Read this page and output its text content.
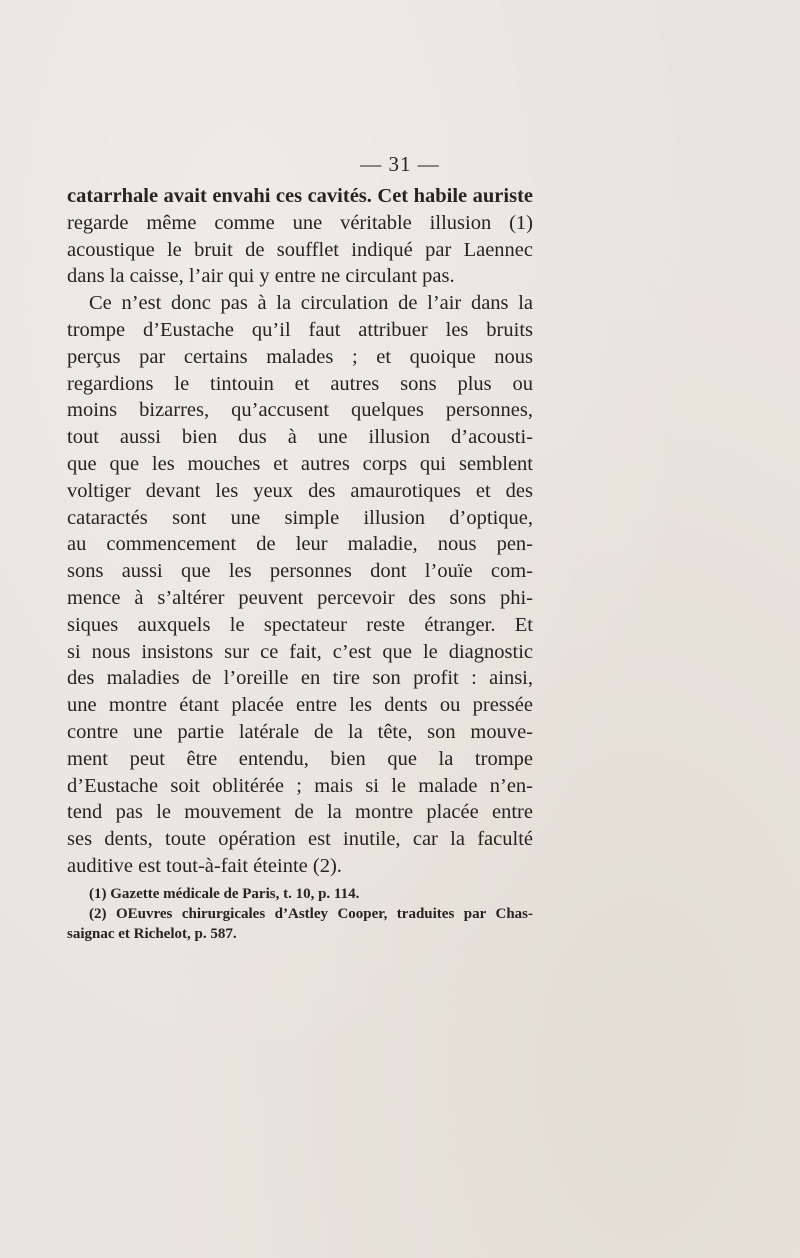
— 31 —
catarrhale avait envahi ces cavités. Cet habile auriste
regarde même comme une véritable illusion (1)
acoustique le bruit de soufflet indiqué par Laennec
dans la caisse, l’air qui y entre ne circulant pas.
Ce n’est donc pas à la circulation de l’air dans la
trompe d’Eustache qu’il faut attribuer les bruits
perçus par certains malades ; et quoique nous
regardions le tintouin et autres sons plus ou
moins bizarres, qu’accusent quelques personnes,
tout aussi bien dus à une illusion d’acousti-
que que les mouches et autres corps qui semblent
voltiger devant les yeux des amaurotiques et des
cataractés sont une simple illusion d’optique,
au commencement de leur maladie, nous pen-
sons aussi que les personnes dont l’ouïe com-
mence à s’altérer peuvent percevoir des sons phi-
siques auxquels le spectateur reste étranger. Et
si nous insistons sur ce fait, c’est que le diagnostic
des maladies de l’oreille en tire son profit : ainsi,
une montre étant placée entre les dents ou pressée
contre une partie latérale de la tête, son mouve-
ment peut être entendu, bien que la trompe
d’Eustache soit oblitérée ; mais si le malade n’en-
tend pas le mouvement de la montre placée entre
ses dents, toute opération est inutile, car la faculté
auditive est tout-à-fait éteinte (2).
(1) Gazette médicale de Paris, t. 10, p. 114.
(2) OEuvres chirurgicales d’Astley Cooper, traduites par Chas-
saignac et Richelot, p. 587.
